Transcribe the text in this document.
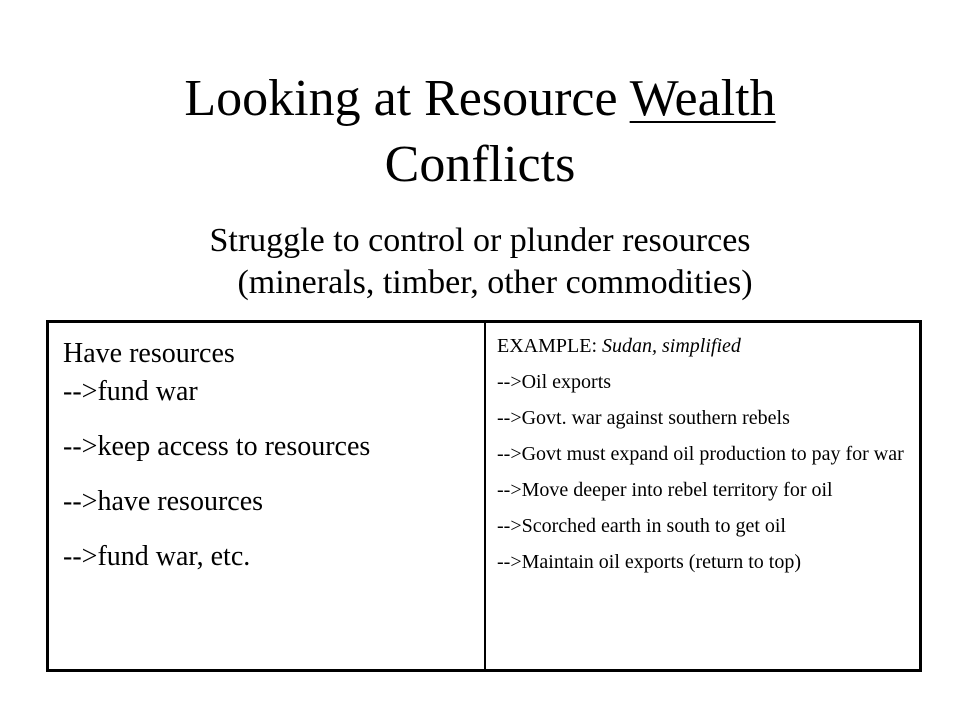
Looking at Resource Wealth
Conflicts

Struggle to control or plunder resources
(minerals, timber, other commodities)

Have resources
-->fund war
-->keep access to resources
-->have resources
-->fund war, etc.
EXAMPLE: Sudan, simplified
-->Oil exports
-->Govt. war against southern rebels
-->Govt must expand oil production to pay for war
-->Move deeper into rebel territory for oil
-->Scorched earth in south to get oil
-->Maintain oil exports (return to top)
